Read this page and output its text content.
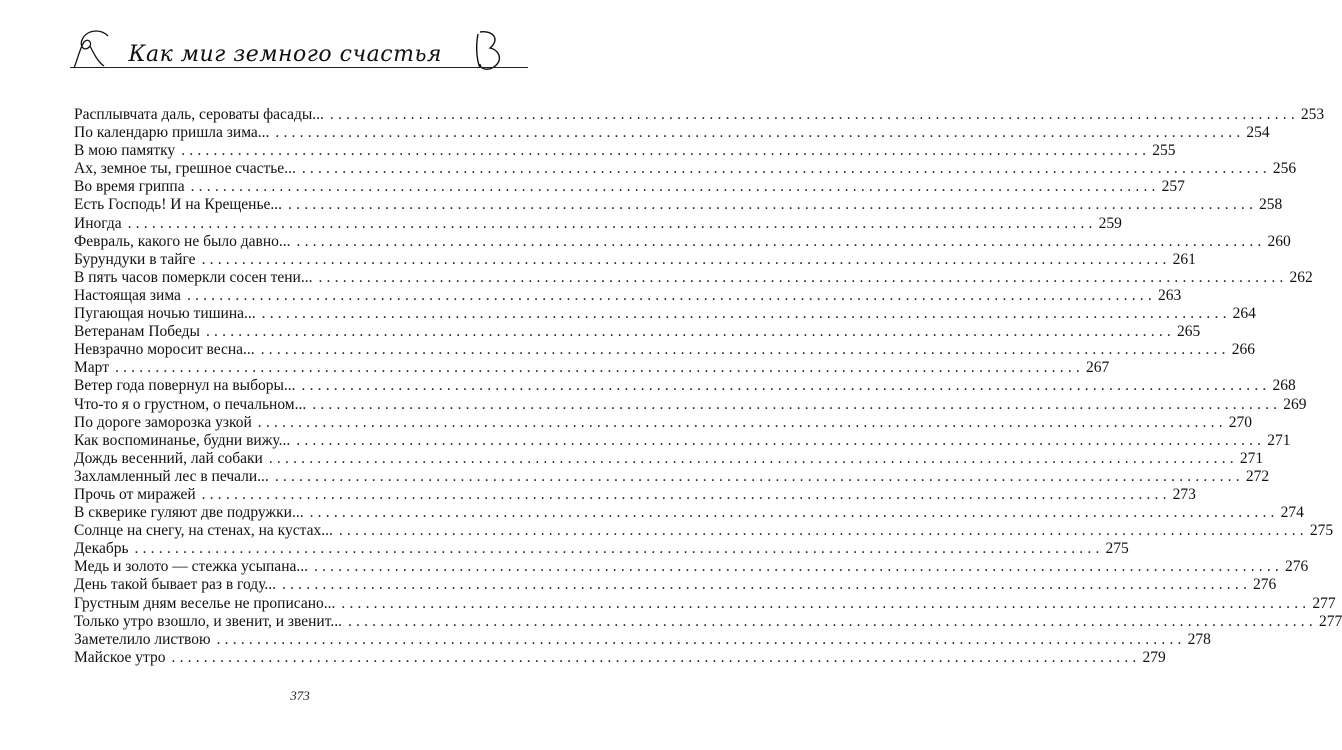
Как миг земного счастья
Расплывчата даль, сероваты фасады... ........................................................................................................................ 253
По календарю пришла зима... ........................................................................................................................ 254
В мою памятку ........................................................................................................................ 255
Ах, земное ты, грешное счастье... ........................................................................................................................ 256
Во время гриппа ........................................................................................................................ 257
Есть Господь! И на Крещенье... ........................................................................................................................ 258
Иногда ........................................................................................................................ 259
Февраль, какого не было давно... ........................................................................................................................ 260
Бурундуки в тайге ........................................................................................................................ 261
В пять часов померкли сосен тени... ........................................................................................................................ 262
Настоящая зима ........................................................................................................................ 263
Пугающая ночью тишина... ........................................................................................................................ 264
Ветеранам Победы ........................................................................................................................ 265
Невзрачно моросит весна... ........................................................................................................................ 266
Март ........................................................................................................................ 267
Ветер года повернул на выборы... ........................................................................................................................ 268
Что-то я о грустном, о печальном... ........................................................................................................................ 269
По дороге заморозка узкой ........................................................................................................................ 270
Как воспоминанье, будни вижу... ........................................................................................................................ 271
Дождь весенний, лай собаки ........................................................................................................................ 271
Захламленный лес в печали... ........................................................................................................................ 272
Прочь от миражей ........................................................................................................................ 273
В скверике гуляют две подружки... ........................................................................................................................ 274
Солнце на снегу, на стенах, на кустах... ........................................................................................................................ 275
Декабрь ........................................................................................................................ 275
Медь и золото — стежка усыпана... ........................................................................................................................ 276
День такой бывает раз в году... ........................................................................................................................ 276
Грустным дням веселье не прописано... ........................................................................................................................ 277
Только утро взошло, и звенит, и звенит... ........................................................................................................................ 277
Заметелило листвою ........................................................................................................................ 278
Майское утро ........................................................................................................................ 279
373
